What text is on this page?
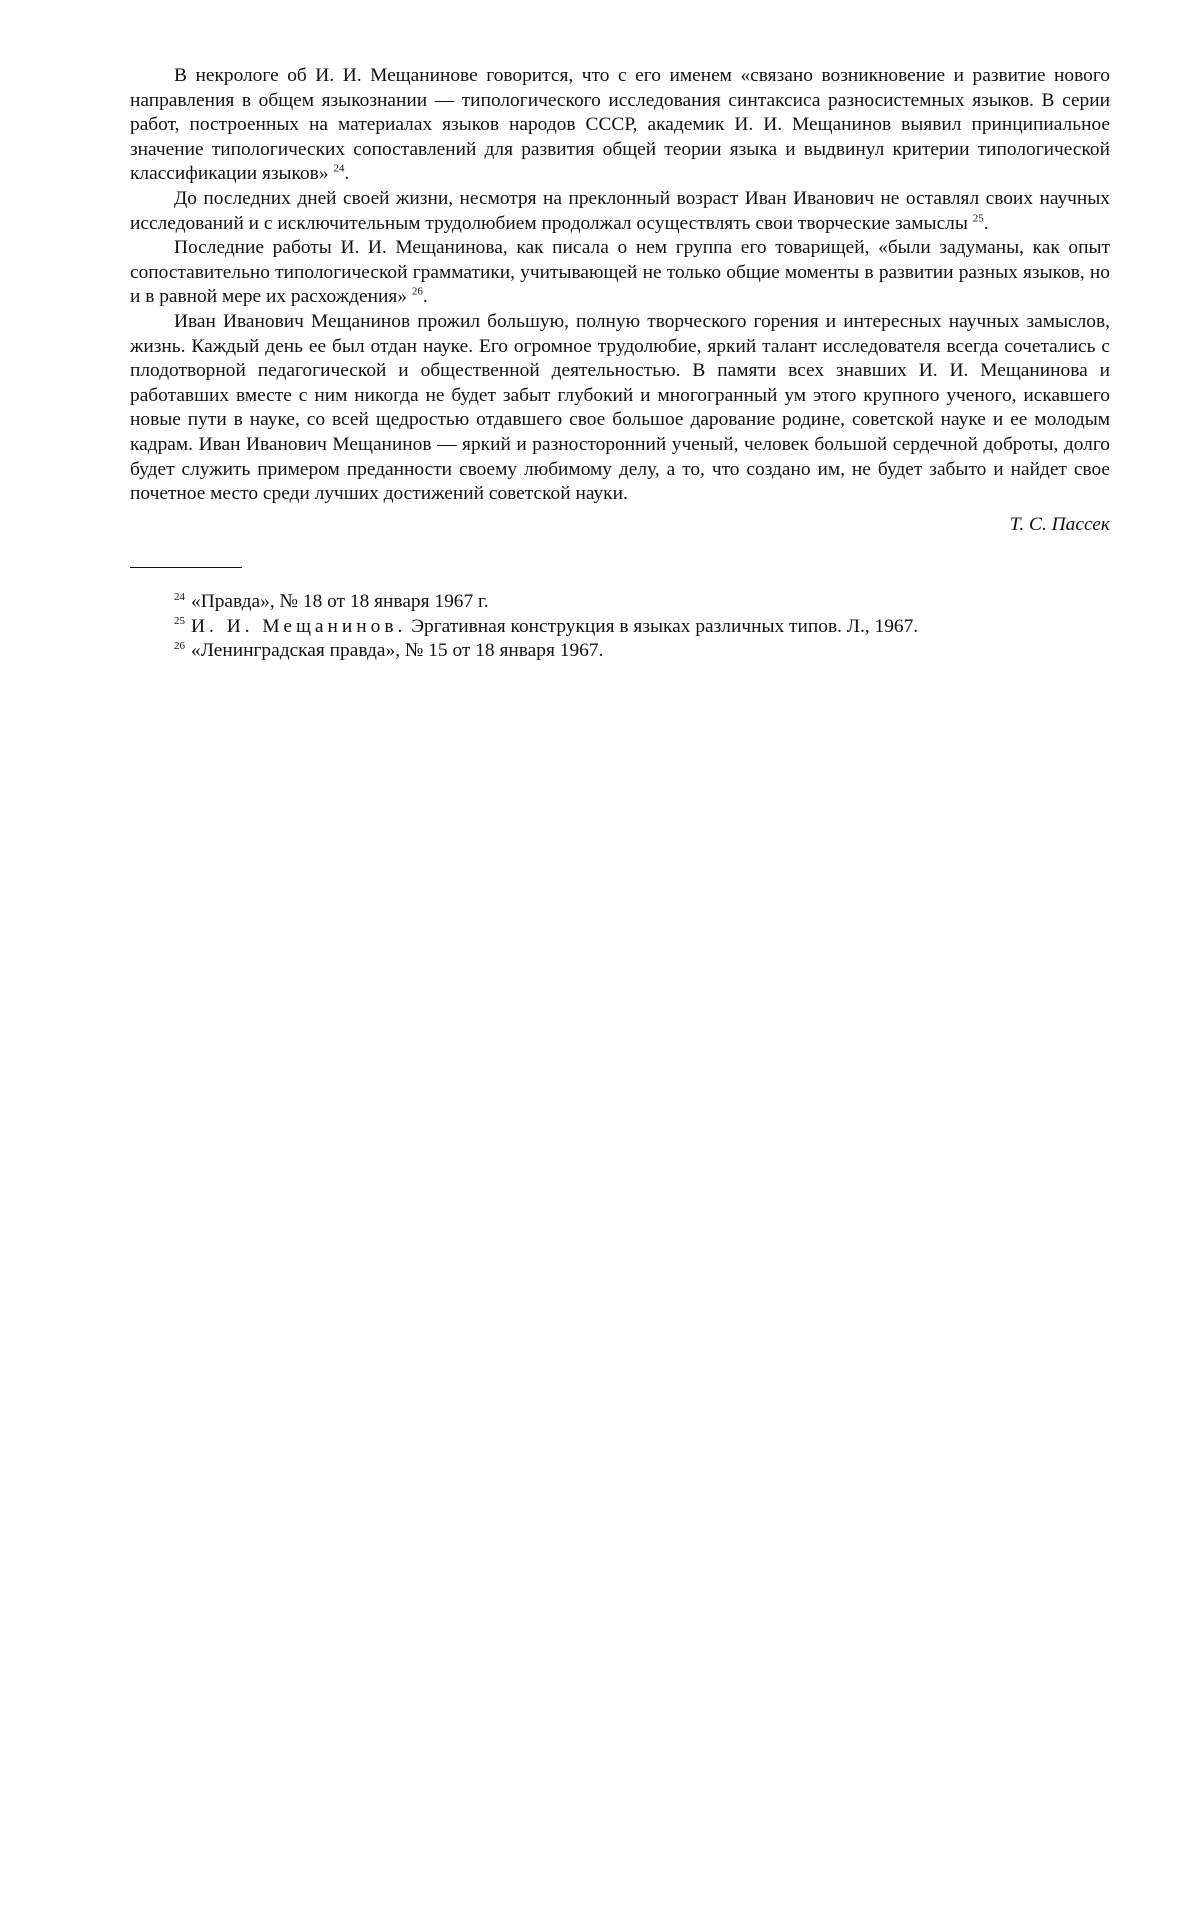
В некрологе об И. И. Мещанинове говорится, что с его именем «связано возникновение и развитие нового направления в общем языкознании — типологического исследования синтаксиса разносистемных языков. В серии работ, построенных на материалах языков народов СССР, академик И. И. Мещанинов выявил принципиальное значение типологических сопоставлений для развития общей теории языка и выдвинул критерии типологической классификации языков» $^{24}$.

До последних дней своей жизни, несмотря на преклонный возраст Иван Иванович не оставлял своих научных исследований и с исключительным трудолюбием продолжал осуществлять свои творческие замыслы $^{25}$.

Последние работы И. И. Мещанинова, как писала о нем группа его товарищей, «были задуманы, как опыт сопоставительно типологической грамматики, учитывающей не только общие моменты в развитии разных языков, но и в равной мере их расхождения» $^{26}$.

Иван Иванович Мещанинов прожил большую, полную творческого горения и интересных научных замыслов, жизнь. Каждый день ее был отдан науке. Его огромное трудолюбие, яркий талант исследователя всегда сочетались с плодотворной педагогической и общественной деятельностью. В памяти всех знавших И. И. Мещанинова и работавших вместе с ним никогда не будет забыт глубокий и многогранный ум этого крупного ученого, искавшего новые пути в науке, со всей щедростью отдавшего свое большое дарование родине, советской науке и ее молодым кадрам. Иван Иванович Мещанинов — яркий и разносторонний ученый, человек большой сердечной доброты, долго будет служить примером преданности своему любимому делу, а то, что создано им, не будет забыто и найдет свое почетное место среди лучших достижений советской науки.

Т. С. Пассек

$^{24}$ «Правда», № 18 от 18 января 1967 г.

$^{25}$ И. И. Мещанинов. Эргативная конструкция в языках различных типов. Л., 1967.

$^{26}$ «Ленинградская правда», № 15 от 18 января 1967.
